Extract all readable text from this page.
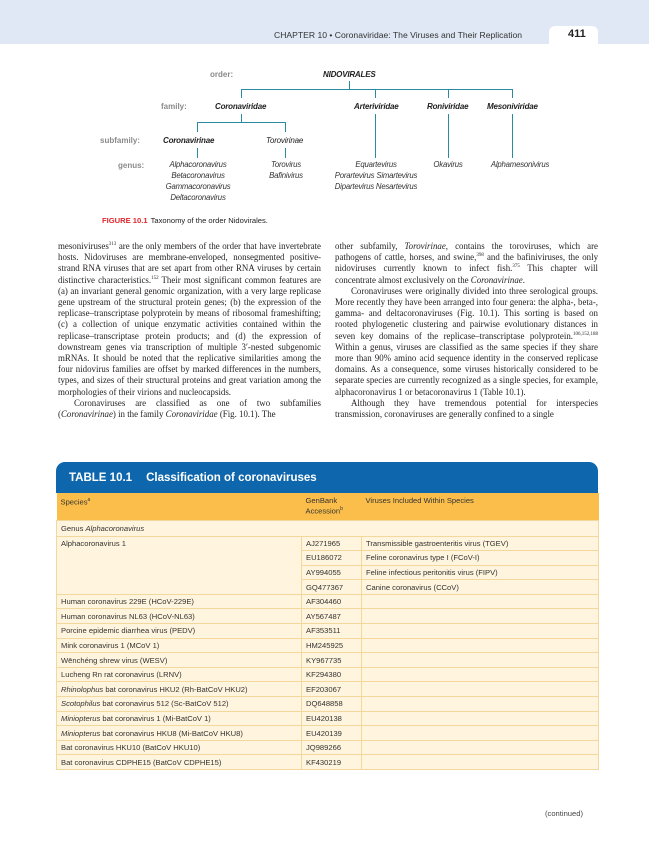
CHAPTER 10 • Coronaviridae: The Viruses and Their Replication	411
order:
family:
subfamily:
genus:
NIDOVIRALES
Coronaviridae	Arteriviridae	Roniviridae Mesoniviridae
Coronavirinae	Torovirinae
Alphacoronavirus
Betacoronavirus
Gammacoronavirus
Deltacoronavirus
Torovirus
Bafinivirus
Equartevirus
Porartevirus Simartevirus
Dipartevirus Nesartevirus
Okavirus	Alphamesonivirus
FIGURE 10.1 Taxonomy of the order Nidovirales.

mesoniviruses$^{313}$ are the only members of the order that have invertebrate hosts. Nidoviruses are membrane-enveloped, nonsegmented positive-strand RNA viruses that are set apart from other RNA viruses by certain distinctive characteristics.$^{152}$ Their most significant common features are (a) an invariant general genomic organization, with a very large replicase gene upstream of the structural protein genes; (b) the expression of the replicase–transcriptase polyprotein by means of ribosomal frameshifting; (c) a collection of unique enzymatic activities contained within the replicase–transcriptase protein products; and (d) the expression of downstream genes via transcription of multiple 3′-nested subgenomic mRNAs. It should be noted that the replicative similarities among the four nidovirus families are offset by marked differences in the numbers, types, and sizes of their structural proteins and great variation among the morphologies of their virions and nucleocapsids.

Coronaviruses are classified as one of two subfamilies (Coronavirinae) in the family Coronaviridae (Fig. 10.1). The

other subfamily, Torovirinae, contains the toroviruses, which are pathogens of cattle, horses, and swine,$^{398}$ and the bafiniviruses, the only nidoviruses currently known to infect fish.$^{375}$ This chapter will concentrate almost exclusively on the Coronavirinae.

Coronaviruses were originally divided into three serological groups. More recently they have been arranged into four genera: the alpha-, beta-, gamma- and deltacoronaviruses (Fig. 10.1). This sorting is based on rooted phylogenetic clustering and pairwise evolutionary distances in seven key domains of the replicase–transcriptase polyprotein.$^{106,152,188}$ Within a genus, viruses are classified as the same species if they share more than 90% amino acid sequence identity in the conserved replicase domains. As a consequence, some viruses historically considered to be separate species are currently recognized as a single species, for example, alphacoronavirus 1 or betacoronavirus 1 (Table 10.1).

Although they have tremendous potential for interspecies transmission, coronaviruses are generally confined to a single

TABLE 10.1 Classification of coronaviruses
Species$^a$	GenBank Accession$^b$	Viruses Included Within Species
Genus Alphacoronavirus		
Alphacoronavirus 1	AJ271965	Transmissible gastroenteritis virus (TGEV)
	EU186072	Feline coronavirus type I (FCoV-I)
	AY994055	Feline infectious peritonitis virus (FIPV)
	GQ477367	Canine coronavirus (CCoV)
Human coronavirus 229E (HCoV-229E)	AF304460	
Human coronavirus NL63 (HCoV-NL63)	AY567487	
Porcine epidemic diarrhea virus (PEDV)	AF353511	
Mink coronavirus 1 (MCoV 1)	HM245925	
Wēnchéng shrew virus (WESV)	KY967735	
Lucheng Rn rat coronavirus (LRNV)	KF294380	
Rhinolophus bat coronavirus HKU2 (Rh-BatCoV HKU2)	EF203067	
Scotophilus bat coronavirus 512 (Sc-BatCoV 512)	DQ648858	
Miniopterus bat coronavirus 1 (Mi-BatCoV 1)	EU420138	
Miniopterus bat coronavirus HKU8 (Mi-BatCoV HKU8)	EU420139	
Bat coronavirus HKU10 (BatCoV HKU10)	JQ989266	
Bat coronavirus CDPHE15 (BatCoV CDPHE15)	KF430219	
(continued)
